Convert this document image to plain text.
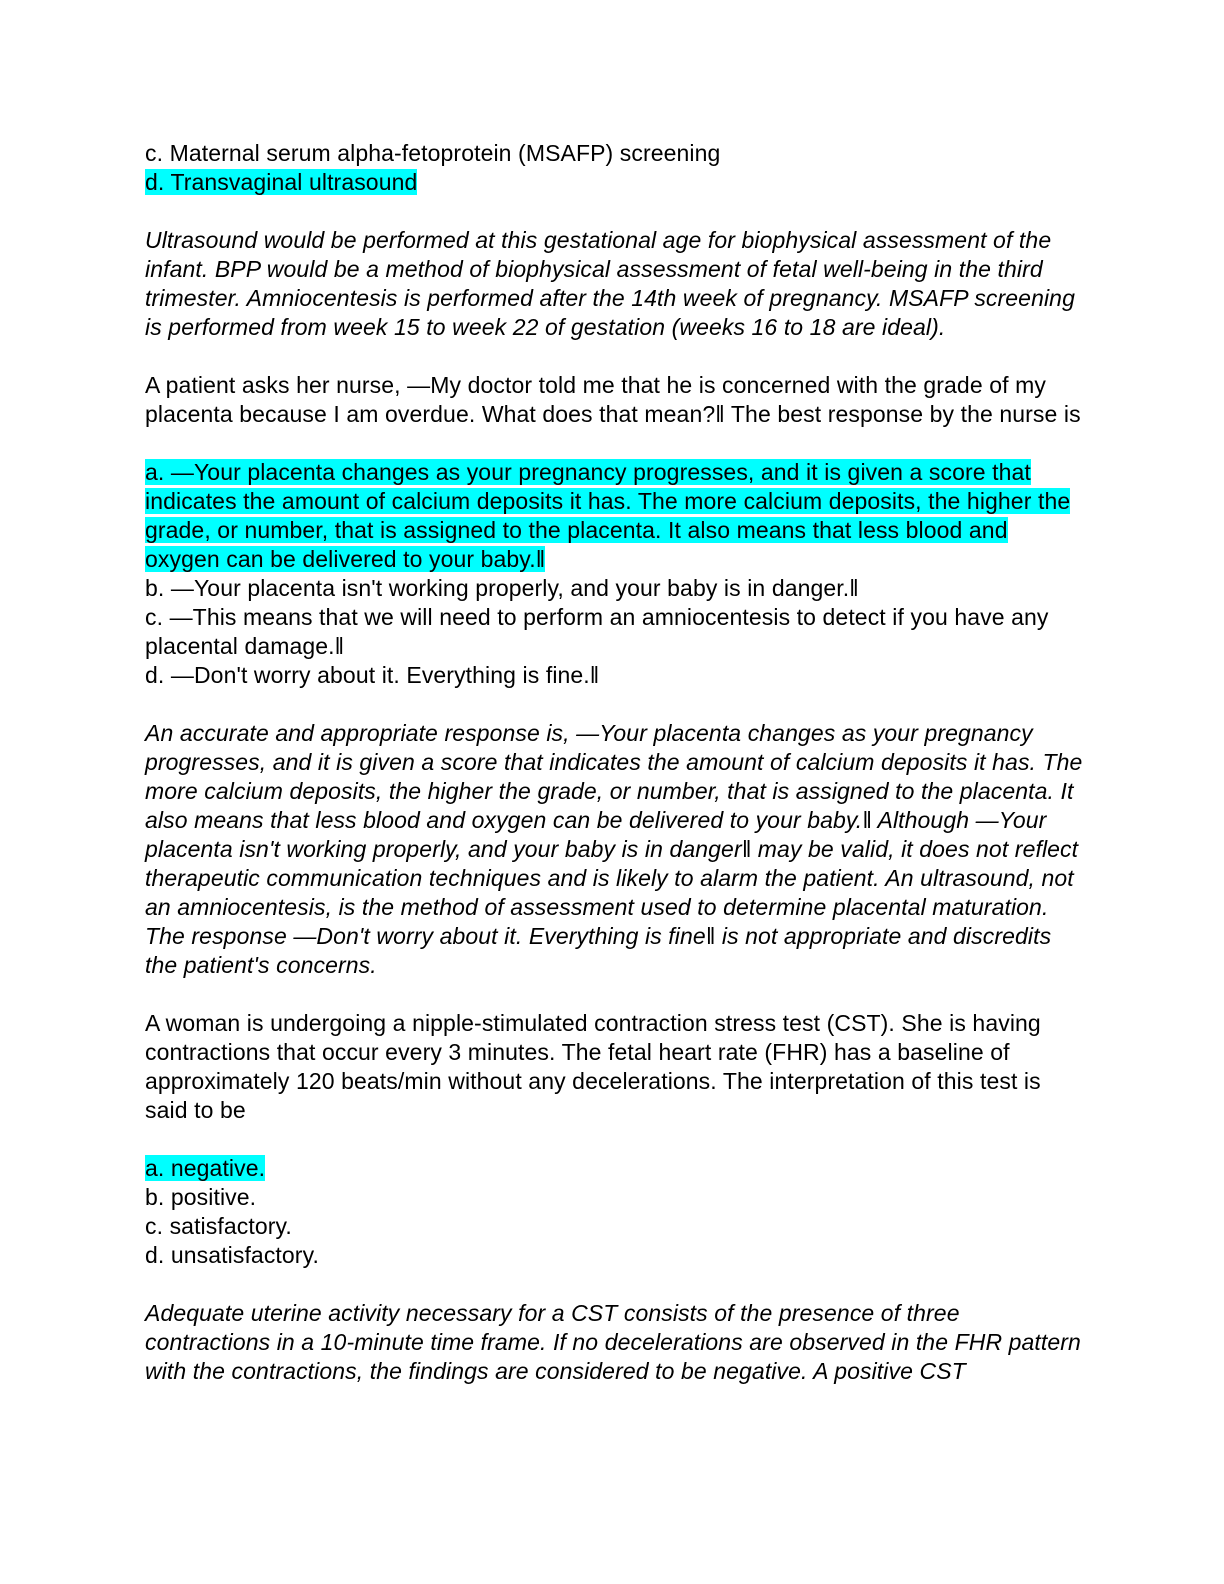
c. Maternal serum alpha-fetoprotein (MSAFP) screening

d. Transvaginal ultrasound

Ultrasound would be performed at this gestational age for biophysical assessment of the infant. BPP would be a method of biophysical assessment of fetal well-being in the third trimester. Amniocentesis is performed after the 14th week of pregnancy. MSAFP screening is performed from week 15 to week 22 of gestation (weeks 16 to 18 are ideal).

A patient asks her nurse, ―My doctor told me that he is concerned with the grade of my placenta because I am overdue. What does that mean?‖ The best response by the nurse is

a. ―Your placenta changes as your pregnancy progresses, and it is given a score that indicates the amount of calcium deposits it has. The more calcium deposits, the higher the grade, or number, that is assigned to the placenta. It also means that less blood and oxygen can be delivered to your baby.‖

b. ―Your placenta isn't working properly, and your baby is in danger.‖

c. ―This means that we will need to perform an amniocentesis to detect if you have any placental damage.‖

d. ―Don't worry about it. Everything is fine.‖

An accurate and appropriate response is, ―Your placenta changes as your pregnancy progresses, and it is given a score that indicates the amount of calcium deposits it has. The more calcium deposits, the higher the grade, or number, that is assigned to the placenta. It also means that less blood and oxygen can be delivered to your baby.‖ Although ―Your placenta isn't working properly, and your baby is in danger‖ may be valid, it does not reflect therapeutic communication techniques and is likely to alarm the patient. An ultrasound, not an amniocentesis, is the method of assessment used to determine placental maturation. The response ―Don't worry about it. Everything is fine‖ is not appropriate and discredits the patient's concerns.

A woman is undergoing a nipple-stimulated contraction stress test (CST). She is having contractions that occur every 3 minutes. The fetal heart rate (FHR) has a baseline of approximately 120 beats/min without any decelerations. The interpretation of this test is said to be

a. negative.

b. positive.

c. satisfactory.

d. unsatisfactory.

Adequate uterine activity necessary for a CST consists of the presence of three contractions in a 10-minute time frame. If no decelerations are observed in the FHR pattern with the contractions, the findings are considered to be negative. A positive CST
